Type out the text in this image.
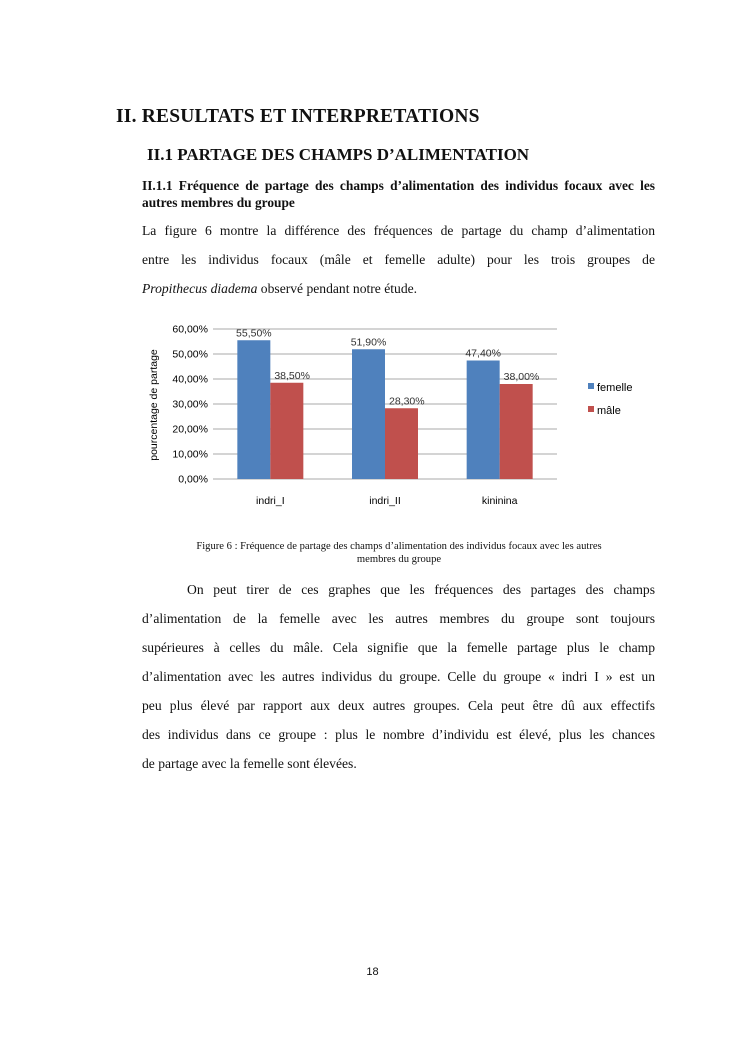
II. RESULTATS ET INTERPRETATIONS
II.1 PARTAGE DES CHAMPS D’ALIMENTATION
II.1.1 Fréquence de partage des champs d’alimentation des individus focaux avec les autres membres du groupe
La figure 6 montre la différence des fréquences de partage du champ d’alimentation
entre les individus focaux (mâle et femelle adulte) pour les trois groupes de
Propithecus diadema observé pendant notre étude.
0,00%
10,00%
20,00%
30,00%
40,00%
50,00%
60,00%
pourcentage de partage
55,50%
38,50%
51,90%
28,30%
47,40%
38,00%
indri_I	indri_II	kininina
femelle
mâle
Figure 6 : Fréquence de partage des champs d’alimentation des individus focaux avec les autres
membres du groupe
On peut tirer de ces graphes que les fréquences des partages des champs
d’alimentation de la femelle avec les autres membres du groupe sont toujours
supérieures à celles du mâle. Cela signifie que la femelle partage plus le champ
d’alimentation avec les autres individus du groupe. Celle du groupe « indri I » est un
peu plus élevé par rapport aux deux autres groupes. Cela peut être dû aux effectifs
des individus dans ce groupe : plus le nombre d’individu est élevé, plus les chances
de partage avec la femelle sont élevées.
18
